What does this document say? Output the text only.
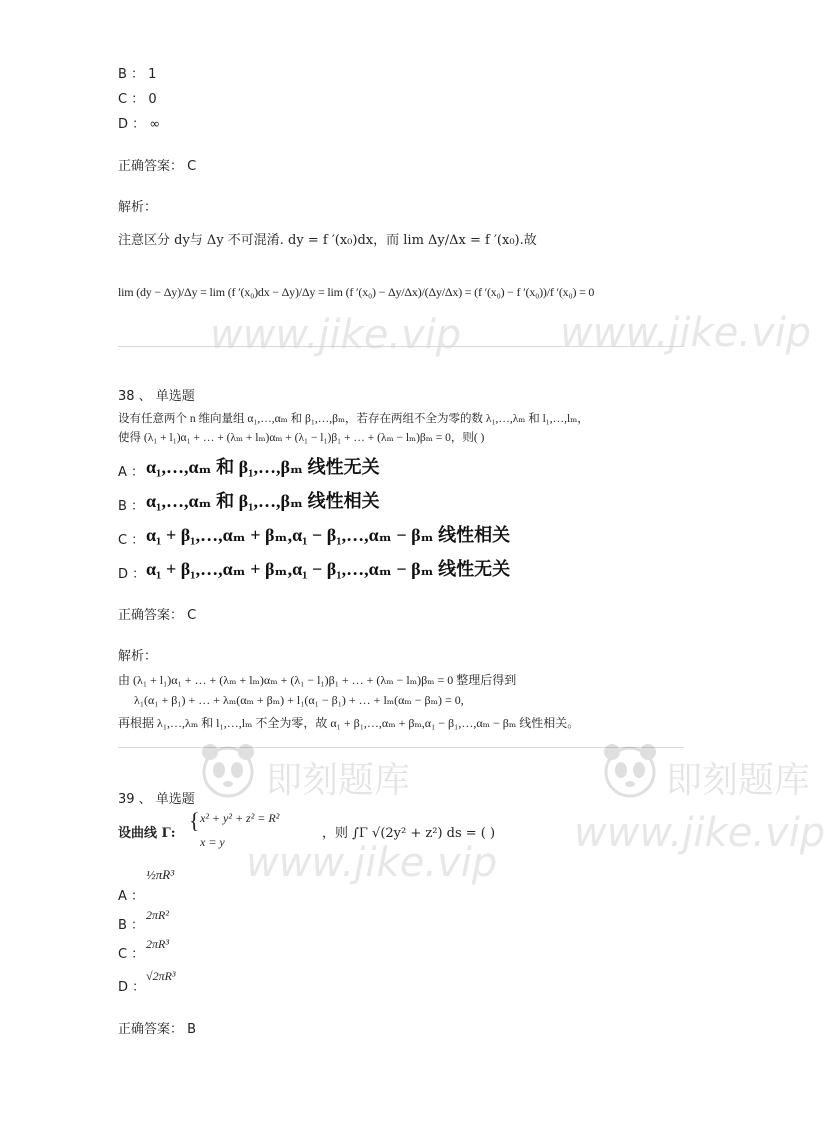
B ： 1
C ： 0
D ： ∞
正确答案： C
解析：
注意区分 dy与 Δy 不可混淆. dy = f ′(x₀)dx，而 lim Δy/Δx = f ′(x₀).故
lim (dy − Δy)/Δy = lim (f ′(x₀)dx − Δy)/Δy = lim (f ′(x₀) − Δy/Δx)/(Δy/Δx) = (f ′(x₀) − f ′(x₀))/f ′(x₀) = 0
www.jike.vip www.jike.vip
38 、 单选题
设有任意两个 n 维向量组 α₁,…,αₘ 和 β₁,…,βₘ，若存在两组不全为零的数 λ₁,…,λₘ 和 l₁,…,lₘ，
使得 (λ₁ + l₁)α₁ + … + (λₘ + lₘ)αₘ + (λ₁ − l₁)β₁ + … + (λₘ − lₘ)βₘ = 0，则( )
A ： α₁,…,αₘ 和 β₁,…,βₘ 线性无关
B ： α₁,…,αₘ 和 β₁,…,βₘ 线性相关
C ： α₁ + β₁,…,αₘ + βₘ,α₁ − β₁,…,αₘ − βₘ 线性相关
D ： α₁ + β₁,…,αₘ + βₘ,α₁ − β₁,…,αₘ − βₘ 线性无关
正确答案： C
解析：
由 (λ₁ + l₁)α₁ + … + (λₘ + lₘ)αₘ + (λ₁ − l₁)β₁ + … + (λₘ − lₘ)βₘ = 0 整理后得到
λ₁(α₁ + β₁) + … + λₘ(αₘ + βₘ) + l₁(α₁ − β₁) + … + lₘ(αₘ − βₘ) = 0,
再根据 λ₁,…,λₘ 和 l₁,…,lₘ 不全为零，故 α₁ + β₁,…,αₘ + βₘ,α₁ − β₁,…,αₘ − βₘ 线性相关。
即刻题库	即刻题库
www.jike.vip
www.jike.vip
39 、 单选题
设曲线 Γ:
{ x² + y² + z² = R²
x = y
，则 ∫Γ √(2y² + z²) ds = ( )
A ：
½πR³
B ：
2πR²
C ：
2πR³
D ：
√2πR³
正确答案： B
